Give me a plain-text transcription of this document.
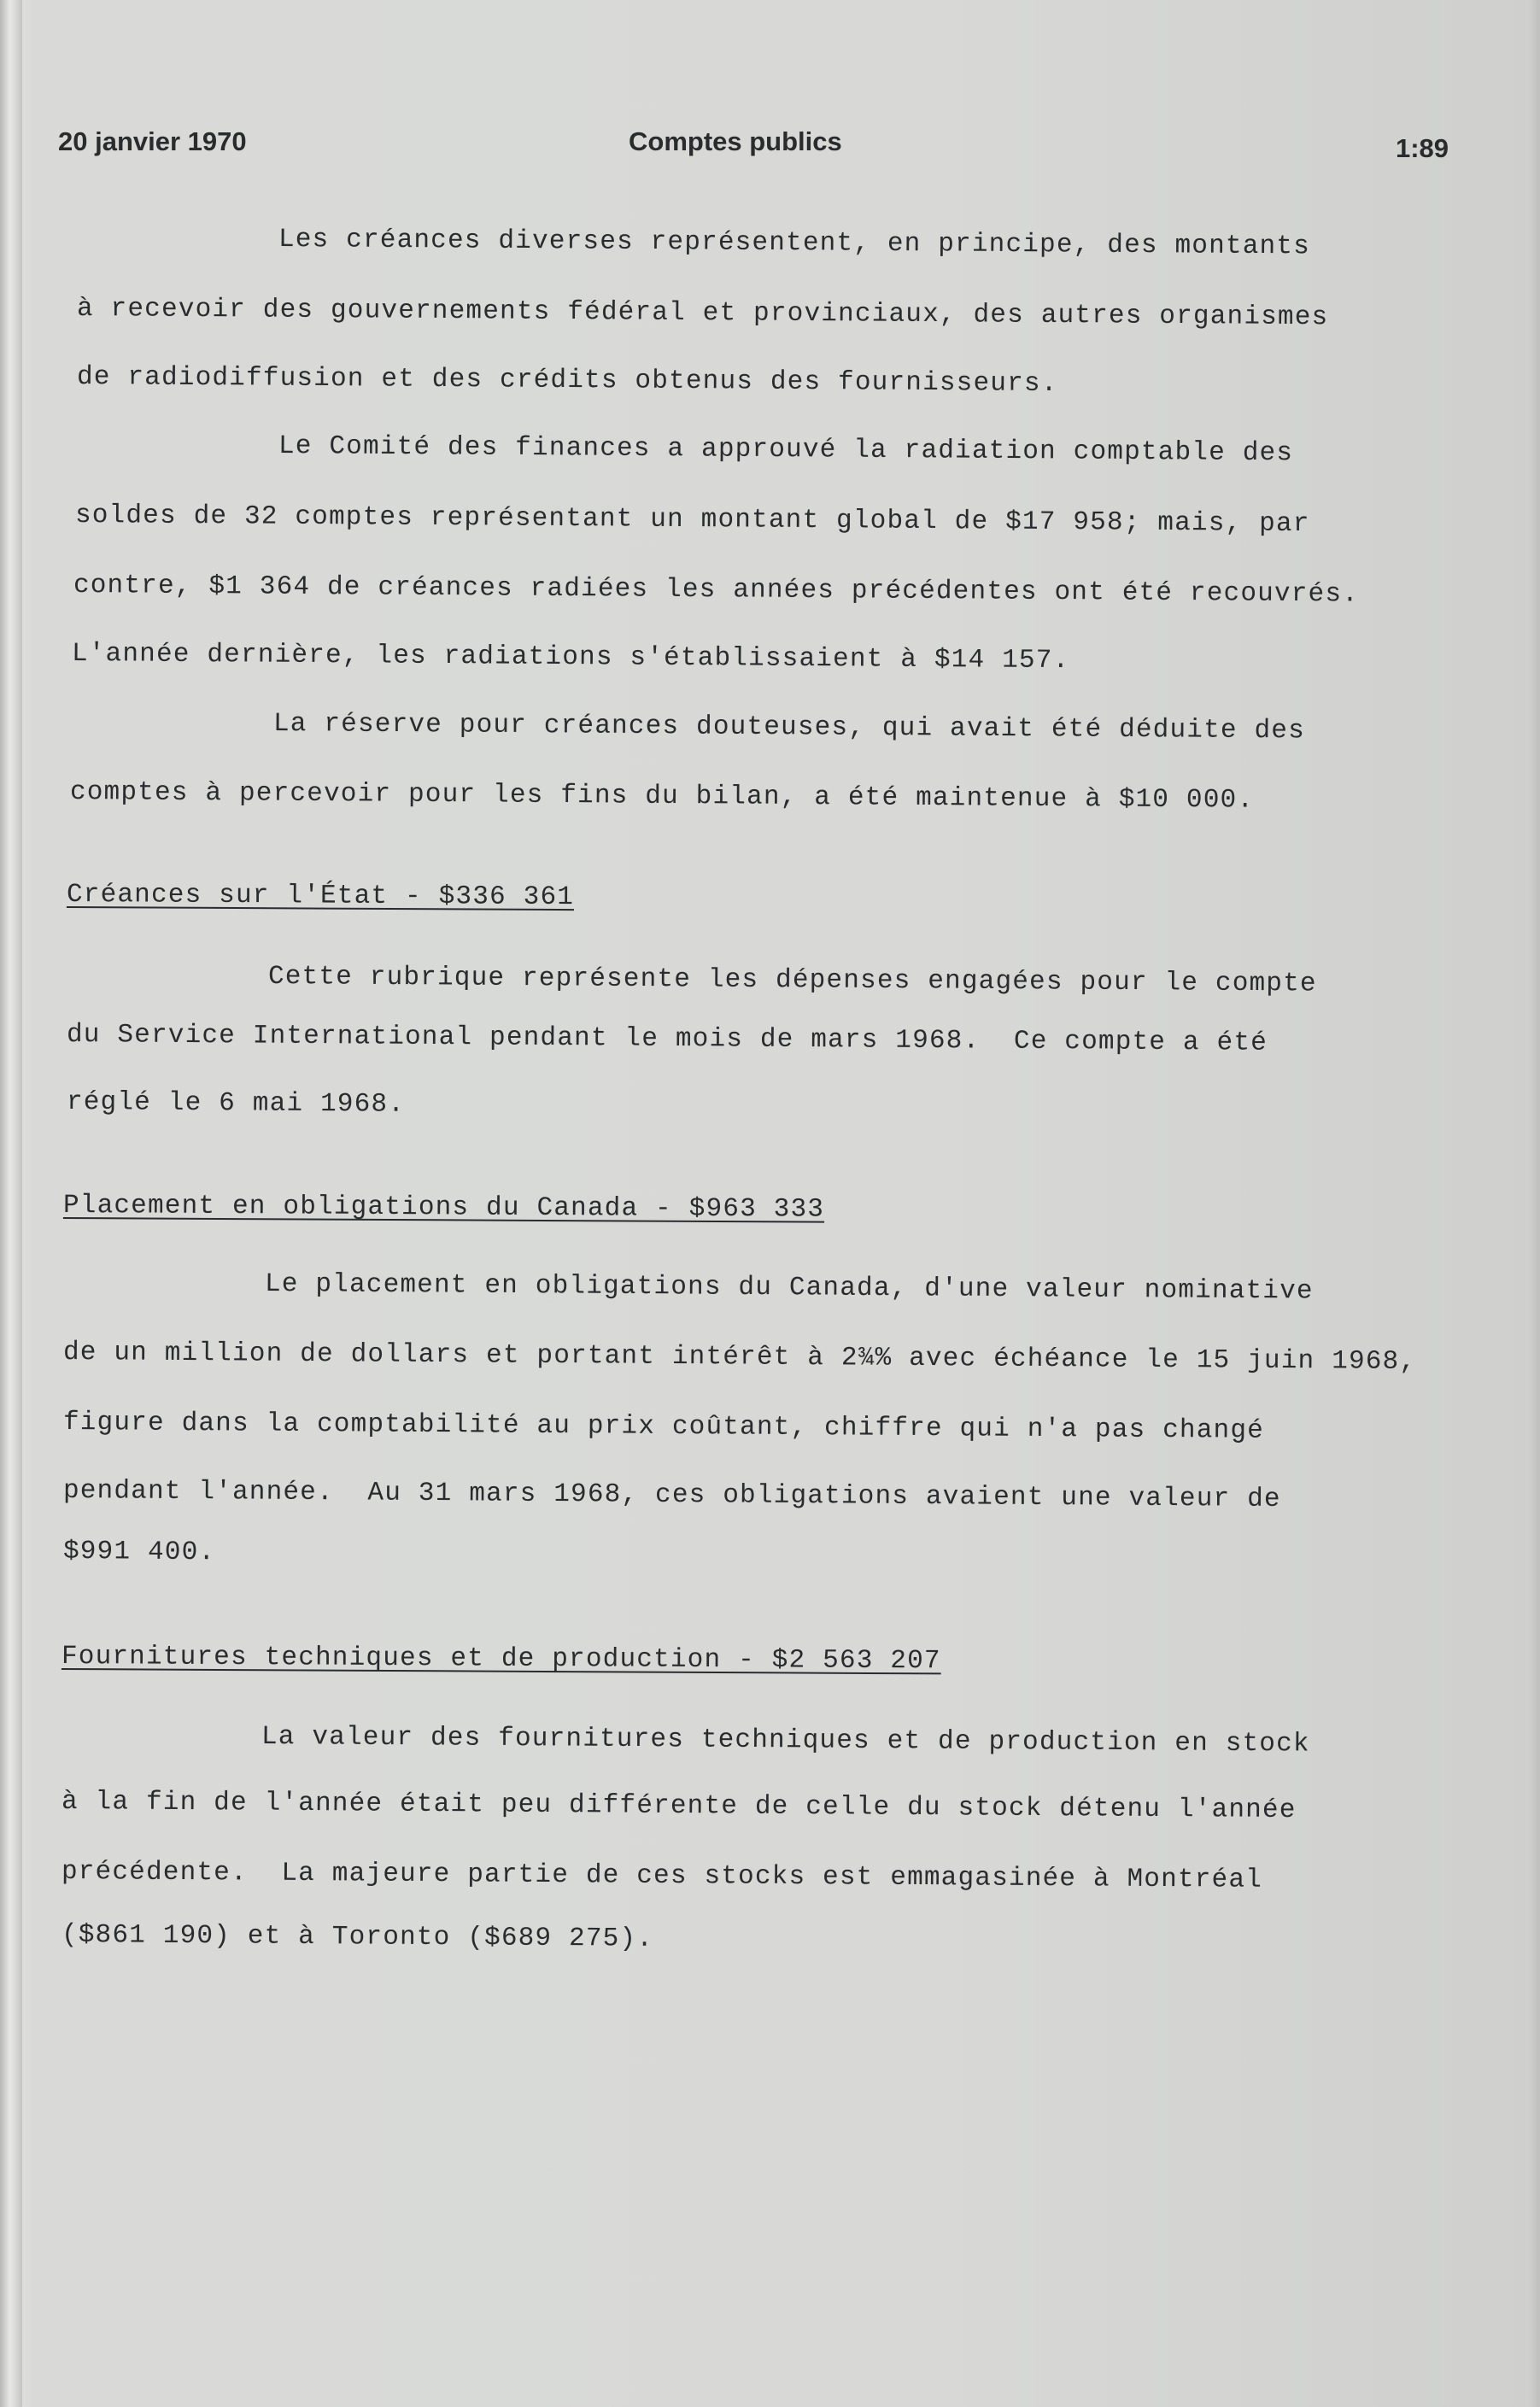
20 janvier 1970	Comptes publics	1:89
Les créances diverses représentent, en principe, des montants
à recevoir des gouvernements fédéral et provinciaux, des autres organismes
de radiodiffusion et des crédits obtenus des fournisseurs.
Le Comité des finances a approuvé la radiation comptable des
soldes de 32 comptes représentant un montant global de $17 958; mais, par
contre, $1 364 de créances radiées les années précédentes ont été recouvrés.
L'année dernière, les radiations s'établissaient à $14 157.
La réserve pour créances douteuses, qui avait été déduite des
comptes à percevoir pour les fins du bilan, a été maintenue à $10 000.
Créances sur l'État - $336 361
Cette rubrique représente les dépenses engagées pour le compte
du Service International pendant le mois de mars 1968.  Ce compte a été
réglé le 6 mai 1968.
Placement en obligations du Canada - $963 333
Le placement en obligations du Canada, d'une valeur nominative
de un million de dollars et portant intérêt à 2¾% avec échéance le 15 juin 1968,
figure dans la comptabilité au prix coûtant, chiffre qui n'a pas changé
pendant l'année.  Au 31 mars 1968, ces obligations avaient une valeur de
$991 400.
Fournitures techniques et de production - $2 563 207
La valeur des fournitures techniques et de production en stock
à la fin de l'année était peu différente de celle du stock détenu l'année
précédente.  La majeure partie de ces stocks est emmagasinée à Montréal
($861 190) et à Toronto ($689 275).
